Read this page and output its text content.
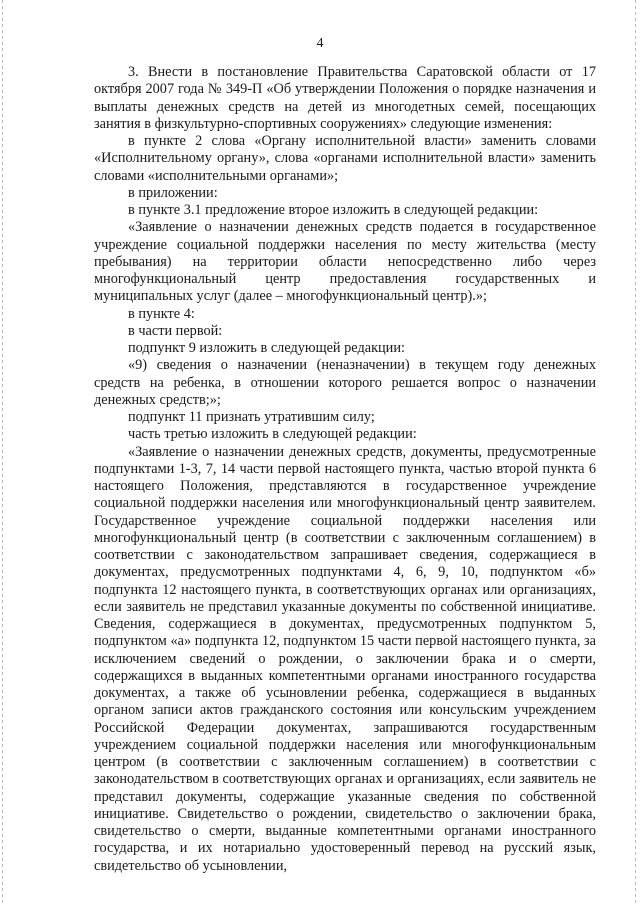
4

3. Внести в постановление Правительства Саратовской области от 17 октября 2007 года № 349-П «Об утверждении Положения о порядке назначения и выплаты денежных средств на детей из многодетных семей, посещающих занятия в физкультурно-спортивных сооружениях» следующие изменения:

в пункте 2 слова «Органу исполнительной власти» заменить словами «Исполнительному органу», слова «органами исполнительной власти» заменить словами «исполнительными органами»;

в приложении:

в пункте 3.1 предложение второе изложить в следующей редакции:

«Заявление о назначении денежных средств подается в государственное учреждение социальной поддержки населения по месту жительства (месту пребывания) на территории области непосредственно либо через многофункциональный центр предоставления государственных и муниципальных услуг (далее – многофункциональный центр).»;

в пункте 4:

в части первой:

подпункт 9 изложить в следующей редакции:

«9) сведения о назначении (неназначении) в текущем году денежных средств на ребенка, в отношении которого решается вопрос о назначении денежных средств;»;

подпункт 11 признать утратившим силу;

часть третью изложить в следующей редакции:

«Заявление о назначении денежных средств, документы, предусмотренные подпунктами 1-3, 7, 14 части первой настоящего пункта, частью второй пункта 6 настоящего Положения, представляются в государственное учреждение социальной поддержки населения или многофункциональный центр заявителем. Государственное учреждение социальной поддержки населения или многофункциональный центр (в соответствии с заключенным соглашением) в соответствии с законодательством запрашивает сведения, содержащиеся в документах, предусмотренных подпунктами 4, 6, 9, 10, подпунктом «б» подпункта 12 настоящего пункта, в соответствующих органах или организациях, если заявитель не представил указанные документы по собственной инициативе. Сведения, содержащиеся в документах, предусмотренных подпунктом 5, подпунктом «а» подпункта 12, подпунктом 15 части первой настоящего пункта, за исключением сведений о рождении, о заключении брака и о смерти, содержащихся в выданных компетентными органами иностранного государства документах, а также об усыновлении ребенка, содержащиеся в выданных органом записи актов гражданского состояния или консульским учреждением Российской Федерации документах, запрашиваются государственным учреждением социальной поддержки населения или многофункциональным центром (в соответствии с заключенным соглашением) в соответствии с законодательством в соответствующих органах и организациях, если заявитель не представил документы, содержащие указанные сведения по собственной инициативе. Свидетельство о рождении, свидетельство о заключении брака, свидетельство о смерти, выданные компетентными органами иностранного государства, и их нотариально удостоверенный перевод на русский язык, свидетельство об усыновлении,
